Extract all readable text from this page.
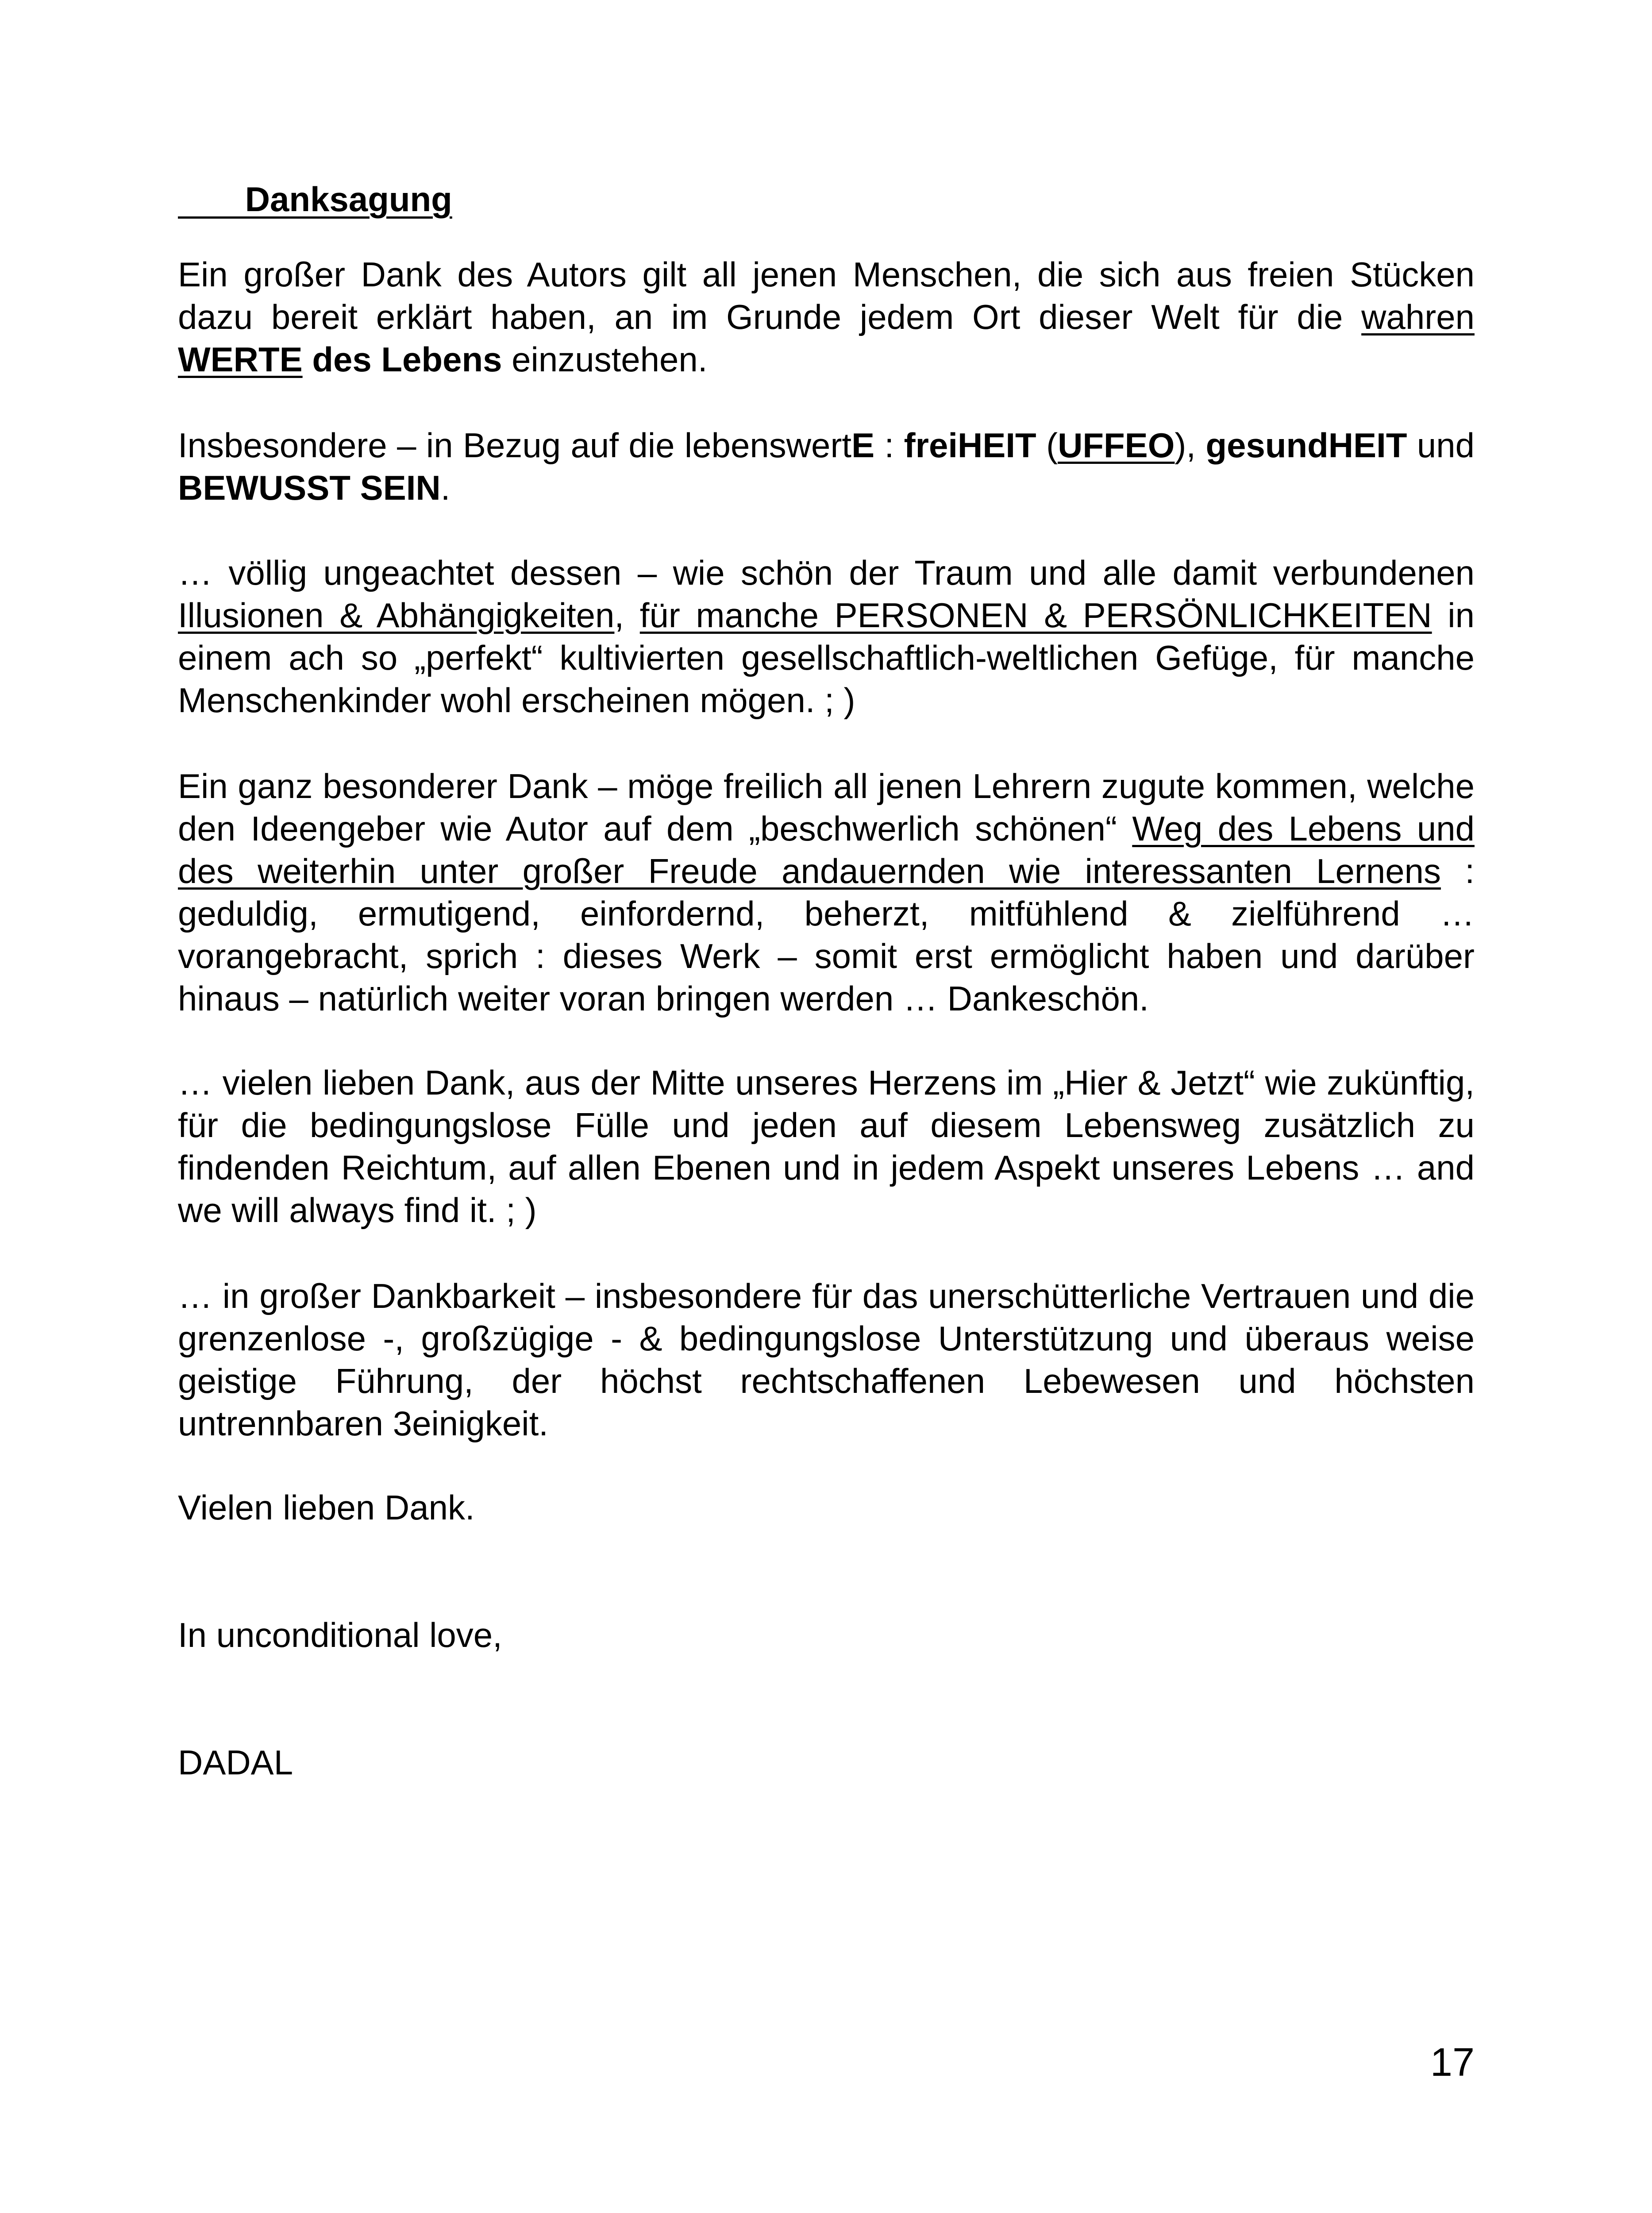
Danksagung

Ein großer Dank des Autors gilt all jenen Menschen, die sich aus freien Stücken dazu bereit erklärt haben, an im Grunde jedem Ort dieser Welt für die wahren WERTE des Lebens einzustehen.

Insbesondere – in Bezug auf die lebenswertE : freiHEIT (UFFEO), gesundHEIT und BEWUSST SEIN.

… völlig ungeachtet dessen – wie schön der Traum und alle damit verbundenen Illusionen & Abhängigkeiten, für manche PERSONEN & PERSÖNLICHKEITEN in einem ach so „perfekt“ kultivierten gesellschaftlich-weltlichen Gefüge, für manche Menschenkinder wohl erscheinen mögen. ; )

Ein ganz besonderer Dank – möge freilich all jenen Lehrern zugute kommen, welche den Ideengeber wie Autor auf dem „beschwerlich schönen“ Weg des Lebens und des weiterhin unter großer Freude andauernden wie interessanten Lernens : geduldig, ermutigend, einfordernd, beherzt, mitfühlend & zielführend … vorangebracht, sprich : dieses Werk – somit erst ermöglicht haben und darüber hinaus – natürlich weiter voran bringen werden … Dankeschön.

… vielen lieben Dank, aus der Mitte unseres Herzens im „Hier & Jetzt“ wie zukünftig, für die bedingungslose Fülle und jeden auf diesem Lebensweg zusätzlich zu findenden Reichtum, auf allen Ebenen und in jedem Aspekt unseres Lebens … and we will always find it. ; )

… in großer Dankbarkeit – insbesondere für das unerschütterliche Vertrauen und die grenzenlose -, großzügige - & bedingungslose Unterstützung und überaus weise geistige Führung, der höchst rechtschaffenen Lebewesen und höchsten untrennbaren 3einigkeit.

Vielen lieben Dank.

In unconditional love,

DADAL

17
